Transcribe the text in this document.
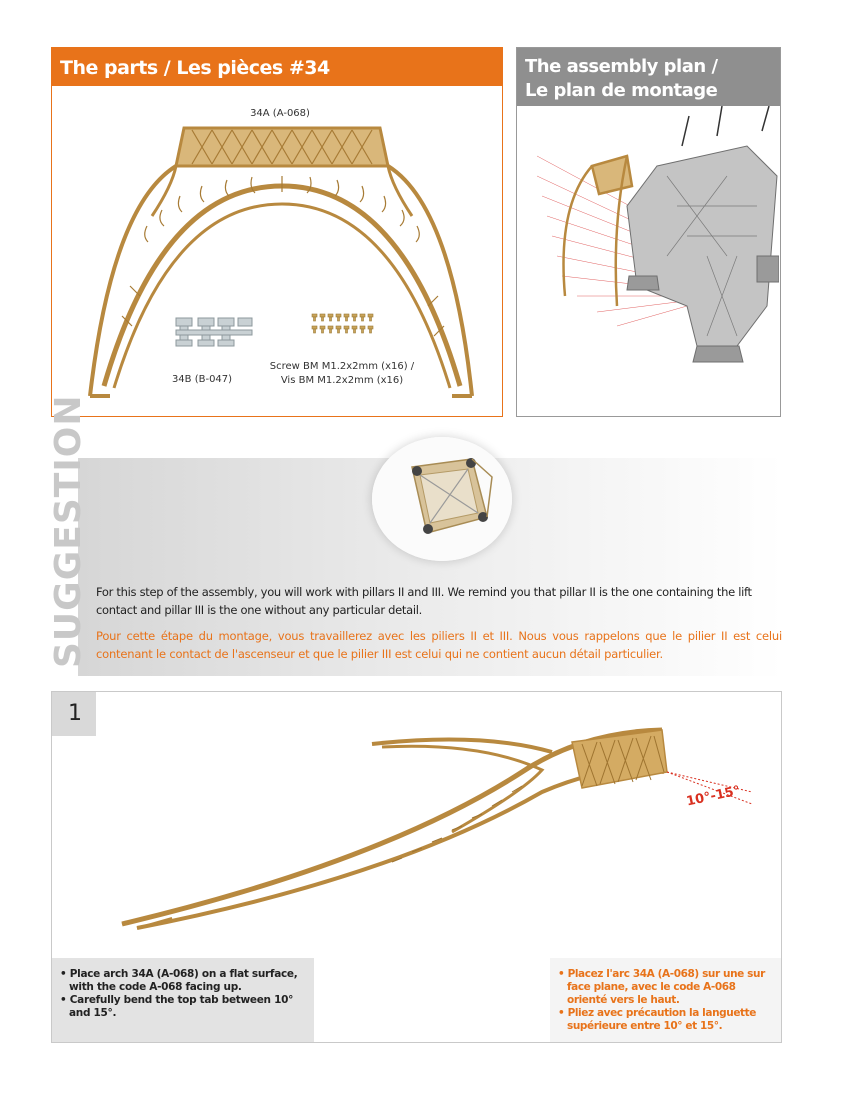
The parts / Les pièces #34
34A (A-068)
34B (B-047)
Screw BM M1.2x2mm (x16) /
Vis BM M1.2x2mm (x16)
The assembly plan /
Le plan de montage
SUGGESTION For this step of the assembly, you will work with pillars II and III. We remind you that pillar II is the one containing the lift contact and pillar III is the one without any particular detail.
Pour cette étape du montage, vous travaillerez avec les piliers II et III. Nous vous rappelons que le pilier II est celui contenant le contact de l'ascenseur et que le pilier III est celui qui ne contient aucun détail particulier.
1
10°-15°
• Place arch 34A (A-068) on a flat surface, with the code A-068 facing up.
• Carefully bend the top tab between 10° and 15°.
• Placez l'arc 34A (A-068) sur une sur face plane, avec le code A-068 orienté vers le haut.
• Pliez avec précaution la languette supérieure entre 10° et 15°.
